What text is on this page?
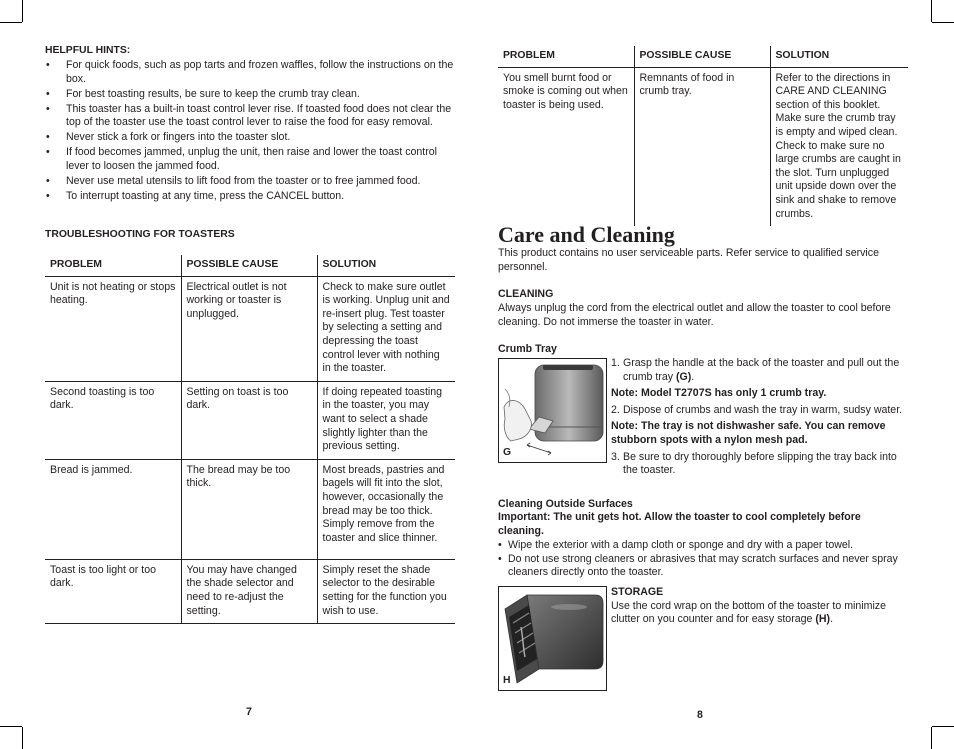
HELPFUL HINTS:
• For quick foods, such as pop tarts and frozen waffles, follow the instructions on the box.
• For best toasting results, be sure to keep the crumb tray clean.
• This toaster has a built-in toast control lever rise. If toasted food does not clear the top of the toaster use the toast control lever to raise the food for easy removal.
• Never stick a fork or fingers into the toaster slot.
• If food becomes jammed, unplug the unit, then raise and lower the toast control lever to loosen the jammed food.
• Never use metal utensils to lift food from the toaster or to free jammed food.
• To interrupt toasting at any time, press the CANCEL button.
TROUBLESHOOTING FOR TOASTERS
PROBLEM	POSSIBLE CAUSE	SOLUTION
Unit is not heating or stops heating.	Electrical outlet is not working or toaster is unplugged.	Check to make sure outlet is working. Unplug unit and re-insert plug. Test toaster by selecting a setting and depressing the toast control lever with nothing in the toaster.
Second toasting is too dark.	Setting on toast is too dark.	If doing repeated toasting in the toaster, you may want to select a shade slightly lighter than the previous setting.
Bread is jammed.	The bread may be too thick.	Most breads, pastries and bagels will fit into the slot, however, occasionally the bread may be too thick. Simply remove from the toaster and slice thinner.
Toast is too light or too dark.	You may have changed the shade selector and need to re-adjust the setting.	Simply reset the shade selector to the desirable setting for the function you wish to use.
7
PROBLEM	POSSIBLE CAUSE	SOLUTION
You smell burnt food or smoke is coming out when toaster is being used.	Remnants of food in crumb tray.	Refer to the directions in CARE AND CLEANING section of this booklet. Make sure the crumb tray is empty and wiped clean. Check to make sure no large crumbs are caught in the slot. Turn unplugged unit upside down over the sink and shake to remove crumbs.
Care and Cleaning
This product contains no user serviceable parts. Refer service to qualified service personnel.
CLEANING
Always unplug the cord from the electrical outlet and allow the toaster to cool before cleaning. Do not immerse the toaster in water.
Crumb Tray
G
1. Grasp the handle at the back of the toaster and pull out the crumb tray (G).
Note: Model T2707S has only 1 crumb tray.
2. Dispose of crumbs and wash the tray in warm, sudsy water.
Note: The tray is not dishwasher safe. You can remove stubborn spots with a nylon mesh pad.
3. Be sure to dry thoroughly before slipping the tray back into the toaster.
Cleaning Outside Surfaces
Important: The unit gets hot. Allow the toaster to cool completely before cleaning.
• Wipe the exterior with a damp cloth or sponge and dry with a paper towel.
• Do not use strong cleaners or abrasives that may scratch surfaces and never spray cleaners directly onto the toaster.
H
STORAGE
Use the cord wrap on the bottom of the toaster to minimize clutter on you counter and for easy storage (H).
8
